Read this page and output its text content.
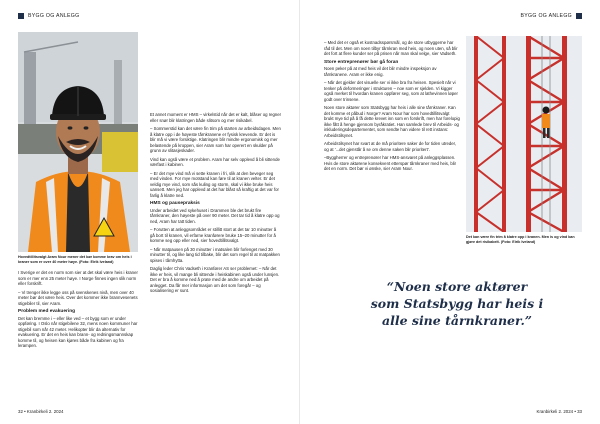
BYGG OG ANLEGG
Hovedtillitsvalgt Aram Nour mener det bør komme krav om heis i kraner som er over 40 meter høye. (Foto: Eirik Iveland)

I Sverige er det en norm som sier at det skal være heis i kraner som er mer enn 25 meter høye. I Norge finnes ingen slik norm eller forskrift.

– Vi trenger ikke legge oss på svenskenes nivå, men over 40 meter bør det være heis. Over det kommer ikke brannvesenets stigebiler til, sier Aram.

Problem med evakuering

Det kan bremme i – eller like ved – et bygg som er under oppføring. I Oslo når stigebilene 32, mens noen kommuner har stigebil som når 42 meter. Helikopter blir da alternativ for evakuering. Er det en heis kan brann- og redningsmannskap komme til, og heisen kan kjøres både fra kabinen og fra lerampen.

Et annet moment er HMS – virkelstid når det er kalt, blåser og regner eller snør blir klatringen både slitsom og mer risikabel.

– Sommerstid kan det være fin trim på starten av arbeidsdagen. Men å klatre opp i de høyeste tårnkranene er fysisk krevende. Er det is blir må vi være forsiktige. Klatringen blir mindre ergonomisk og mer belastende på kroppen, sier Aram som har operert en skulder på grunn av slitasjeskader.

Vind kan også være et problem. Aram har selv opplevd å bli sittende værfast i kabinen.

– Er det mye vind må vi sette kranen i fri, slik at den beveger seg med vinden. For mye motstand kan føre til at kranen velter. Er det veldig mye vind, som sås kuling og storm, skal vi ikke bruke heis uansett. Men jeg har opplevd at det har blåst så kraftig at det var for farlig å klatre ned.

HMS og pausepraksis

Under arbeidet ved sykehuset i Drammen ble det brukt fire tårnkraner, den høyeste på over 90 meter. Det tar tid å klatre opp og ned, Aram har tatt tiden.

– Forutten at anleggsområdet er stillitt stort at det tar 10 minutter å gå bort til kranen, vil erfarne kranførere bruke 15–20 minutter for å komme seg opp eller ned, sier hovedtillitsvalgt.

– Når matpausen på 30 minutter i matsalen blir forlenget med 30 minutter til, og like lang tid tilbake, blir det som regel til at matpakken spises i tårnhytta.

Daglig leder Chris Vadseth i Kranfører AS ser problemet: – Når det ikke er heis, vil mange bli sittende i heiskabinen også under lunsjen. Det er bra å komme ned å prate med de andre om arbeidet på anlegget. Da får mer informasjon om det som foregår – og sosialisering er sunt.

32 • Kranbirkeli 2. 2024
BYGG OG ANLEGG

– Med det er også et kostnadsspørsmål, og de store utbyggerne har råd til det. Men om noen tilbyr tårnkran med heis, og noen uten, så blir det fort at flere kunder ser på prisen når man skal velge, sier Vadseth.

Store entreprenører bør gå foran

Noen peker på at med heis vil det blir mindre inspeksjon av tårnkranene. Aram er ikke enig.

– Når det gjelder det visuelle ser vi ikke bra fra heisen. Spesielt når vi tenker på deformeringer i strukturen – noe som er sjelden. Vi kigger også merket til hvordan kranen oppfører seg, som at lathevinnen løper godt over trinsene.

Noen store aktører som Statsbygg har heis i alle sine tårnkraner. Kan det komme et påbud i Norge? Aram Nour har som hovedtillitsvalgt brukt mye tid på å få dette krevet inn som en forskrift, men har forelopig ikke fått å henge gjennom byråkratiet. Han samlede brev til Arbeids- og inkluderingsdepartementet, som sendte han videre til rett instans: Arbeidstilsynet.

Arbeidstilsynet har svart at de må prioritere saker de for tiden utreder, og at '...det gjenstår å se om denne saken blir prioritert'.

–Byggherrer og entreprenører har HMS-ansvaret på anleggsplassen. Hvis de store aktørene konsekvent etterspør tårnkraner med heis, blir det en norm. Det bør vi ønske, sier Aram Nour.

Det kan være fin trim å klatre opp i kranen. Men is og vind kan gjøre det risikabelt. (Foto: Eirik Iveland)
“Noen store aktører
som Statsbygg har heis i
alle sine tårnkraner.”
Kranbirkeli 2. 2024 • 33
